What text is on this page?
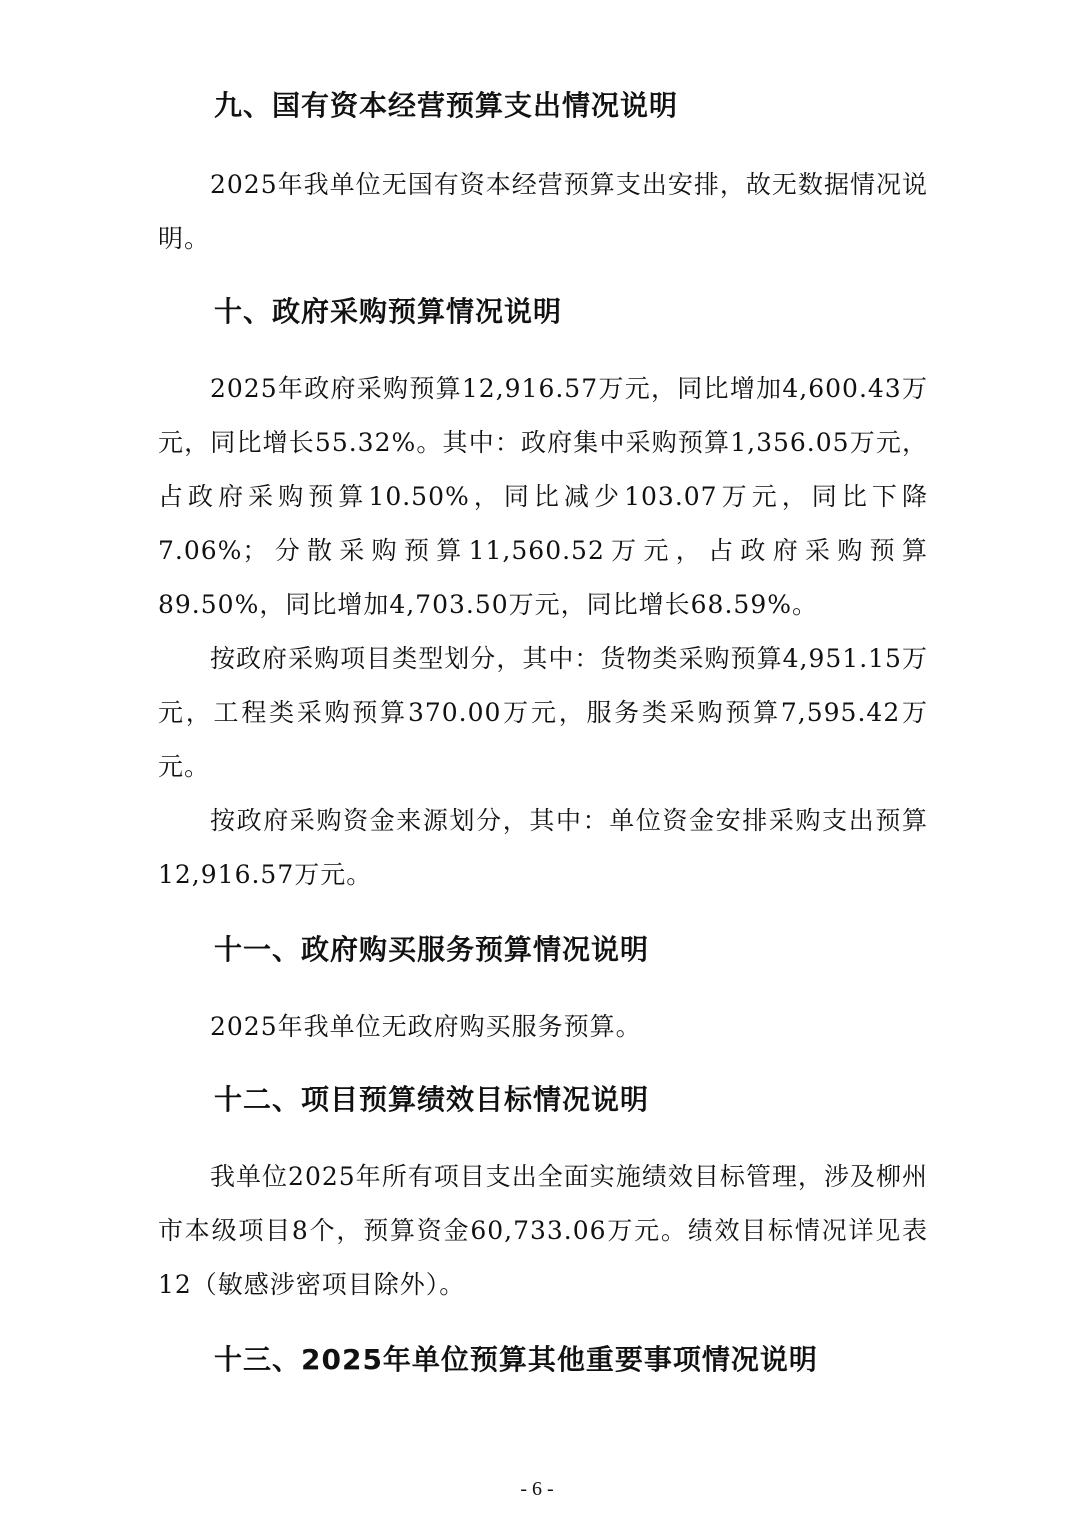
九、国有资本经营预算支出情况说明

2025年我单位无国有资本经营预算支出安排，故无数据情况说明。

十、政府采购预算情况说明

2025年政府采购预算12,916.57万元，同比增加4,600.43万元，同比增长55.32%。其中：政府集中采购预算1,356.05万元，占政府采购预算10.50%，同比减少103.07万元，同比下降7.06%；分散采购预算11,560.52万元，占政府采购预算89.50%，同比增加4,703.50万元，同比增长68.59%。

按政府采购项目类型划分，其中：货物类采购预算4,951.15万元，工程类采购预算370.00万元，服务类采购预算7,595.42万元。

按政府采购资金来源划分，其中：单位资金安排采购支出预算12,916.57万元。

十一、政府购买服务预算情况说明

2025年我单位无政府购买服务预算。

十二、项目预算绩效目标情况说明

我单位2025年所有项目支出全面实施绩效目标管理，涉及柳州市本级项目8个，预算资金60,733.06万元。绩效目标情况详见表12（敏感涉密项目除外）。

十三、2025年单位预算其他重要事项情况说明
- 6 -
